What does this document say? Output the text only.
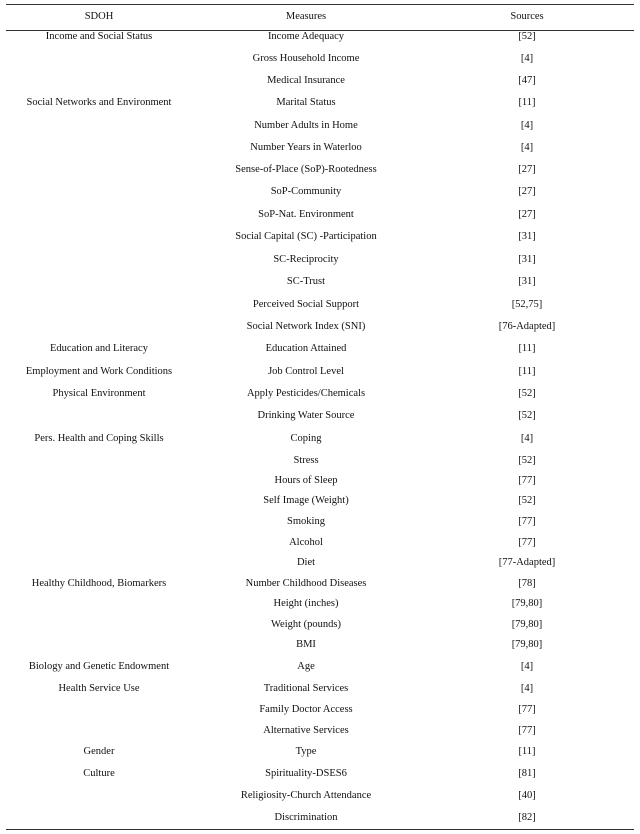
SDOH	Measures	Sources
Income and Social Status	Income Adequacy	[52]
Gross Household Income	[4]
Medical Insurance	[47]
Social Networks and Environment	Marital Status	[11]
Number Adults in Home	[4]
Number Years in Waterloo	[4]
Sense-of-Place (SoP)-Rootedness	[27]
SoP-Community	[27]
SoP-Nat. Environment	[27]
Social Capital (SC) -Participation	[31]
SC-Reciprocity	[31]
SC-Trust	[31]
Perceived Social Support	[52,75]
Social Network Index (SNI)	[76-Adapted]
Education and Literacy	Education Attained	[11]
Employment and Work Conditions	Job Control Level	[11]
Physical Environment	Apply Pesticides/Chemicals	[52]
Drinking Water Source	[52]
Pers. Health and Coping Skills	Coping	[4]
Stress	[52]
Hours of Sleep	[77]
Self Image (Weight)	[52]
Smoking	[77]
Alcohol	[77]
Diet	[77-Adapted]
Healthy Childhood, Biomarkers	Number Childhood Diseases	[78]
Height (inches)	[79,80]
Weight (pounds)	[79,80]
BMI	[79,80]
Biology and Genetic Endowment	Age	[4]
Health Service Use	Traditional Services	[4]
Family Doctor Access	[77]
Alternative Services	[77]
Gender	Type	[11]
Culture	Spirituality-DSES6	[81]
Religiosity-Church Attendance	[40]
Discrimination	[82]
